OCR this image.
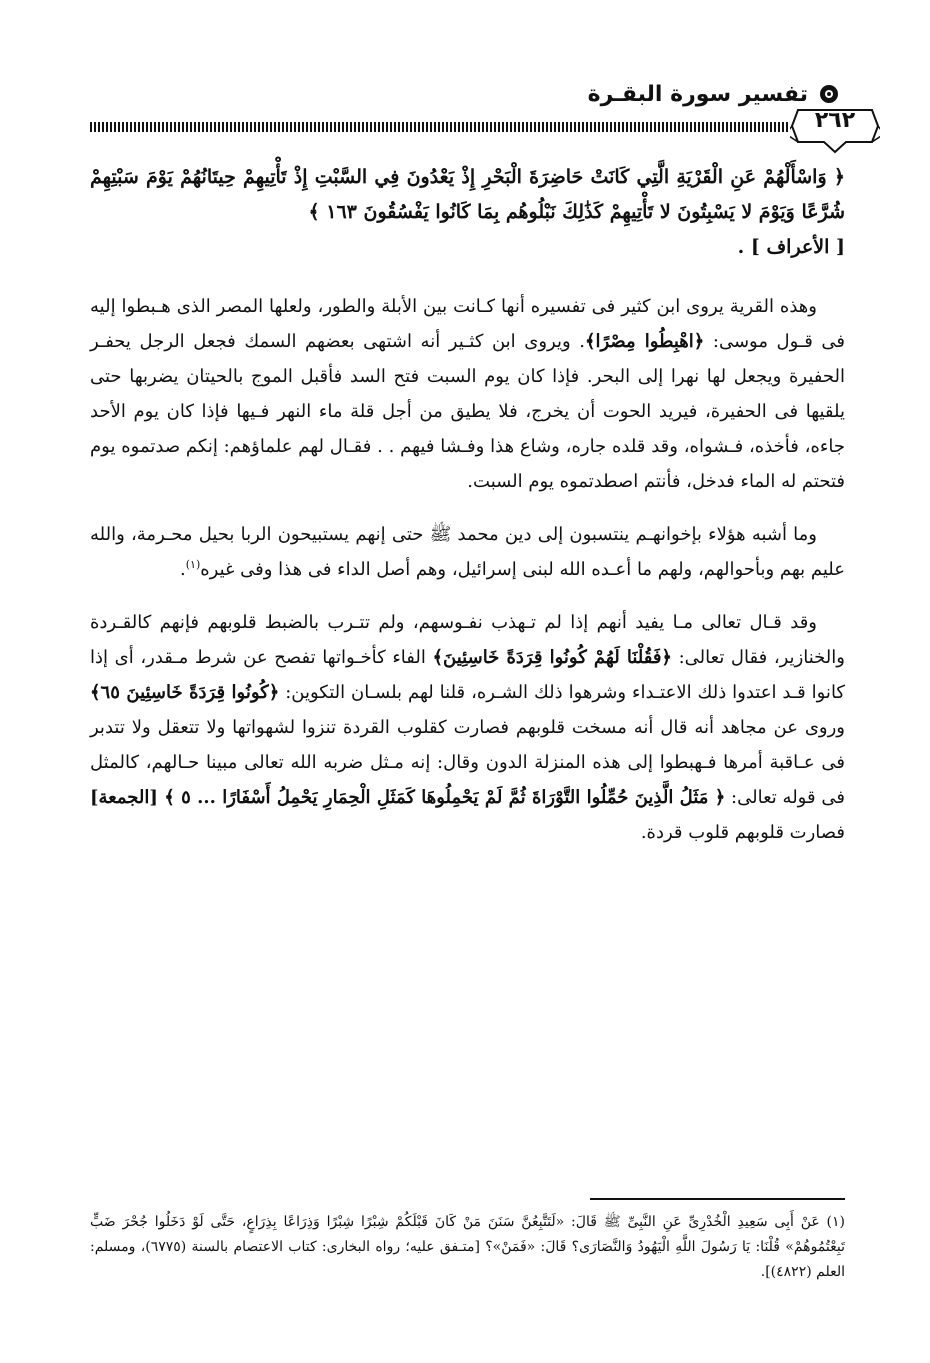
تفسير سورة البقـرة
٢٦٢

﴿ وَاسْأَلْهُمْ عَنِ الْقَرْيَةِ الَّتِي كَانَتْ حَاضِرَةَ الْبَحْرِ إِذْ يَعْدُونَ فِي السَّبْتِ إِذْ تَأْتِيهِمْ حِيتَانُهُمْ يَوْمَ سَبْتِهِمْ شُرَّعًا وَيَوْمَ لا يَسْبِتُونَ لا تَأْتِيهِمْ كَذَٰلِكَ نَبْلُوهُم بِمَا كَانُوا يَفْسُقُونَ ١٦٣ ﴾
[ الأعراف ] .

وهذه القرية يروى ابن كثير فى تفسيره أنها كـانت بين الأبلة والطور، ولعلها المصر الذى هـبطوا إليه فى قـول موسى: ﴿اهْبِطُوا مِصْرًا﴾. ويروى ابن كثـير أنه اشتهى بعضهم السمك فجعل الرجل يحفـر الحفيرة ويجعل لها نهرا إلى البحر. فإذا كان يوم السبت فتح السد فأقبل الموج بالحيتان يضربها حتى يلقيها فى الحفيرة، فيريد الحوت أن يخرج، فلا يطيق من أجل قلة ماء النهر فـيها فإذا كان يوم الأحد جاءه، فأخذه، فـشواه، وقد قلده جاره، وشاع هذا وفـشا فيهم . . فقـال لهم علماؤهم: إنكم صدتموه يوم فتحتم له الماء فدخل، فأنتم اصطدتموه يوم السبت.

وما أشبه هؤلاء بإخوانهـم ينتسبون إلى دين محمد ﷺ حتى إنهم يستبيحون الربا بحيل محـرمة، والله عليم بهم وبأحوالهم، ولهم ما أعـده الله لبنى إسرائيل، وهم أصل الداء فى هذا وفى غيره$^{(١)}$.

وقد قـال تعالى مـا يفيد أنهم إذا لم تـهذب نفـوسهم، ولم تتـرب بالضبط قلوبهم فإنهم كالقـردة والخنازير، فقال تعالى: ﴿فَقُلْنَا لَهُمْ كُونُوا قِرَدَةً خَاسِئِينَ﴾ الفاء كأخـواتها تفصح عن شرط مـقدر، أى إذا كانوا قـد اعتدوا ذلك الاعتـداء وشرهوا ذلك الشـره، قلنا لهم بلسـان التكوين: ﴿كُونُوا قِرَدَةً خَاسِئِينَ ٦٥﴾ وروى عن مجاهد أنه قال أنه مسخت قلوبهم فصارت كقلوب القردة تنزوا لشهواتها ولا تتعقل ولا تتدبر فى عـاقبة أمرها فـهبطوا إلى هذه المنزلة الدون وقال: إنه مـثل ضربه الله تعالى مبينا حـالهم، كالمثل فى قوله تعالى: ﴿ مَثَلُ الَّذِينَ حُمِّلُوا التَّوْرَاةَ ثُمَّ لَمْ يَحْمِلُوهَا كَمَثَلِ الْحِمَارِ يَحْمِلُ أَسْفَارًا ... ٥ ﴾ [الجمعة] فصارت قلوبهم قلوب قردة.

(١) عَنْ أَبِى سَعِيدِ الْخُدْرِىِّ عَنِ النَّبِىِّ ﷺ قَالَ: «لَتَتَّبِعُنَّ سَنَنَ مَنْ كَانَ قَبْلَكُمْ شِبْرًا شِبْرًا وَذِرَاعًا بِذِرَاعٍ، حَتَّى لَوْ دَخَلُوا جُحْرَ ضَبٍّ تَبِعْتُمُوهُمْ» قُلْنَا: يَا رَسُولَ اللَّهِ الْيَهُودُ وَالنَّصَارَى؟ قَالَ: «فَمَنْ»؟ [متـفق عليه؛ رواه البخارى: كتاب الاعتصام بالسنة (٦٧٧٥)، ومسلم: العلم (٤٨٢٢)].
